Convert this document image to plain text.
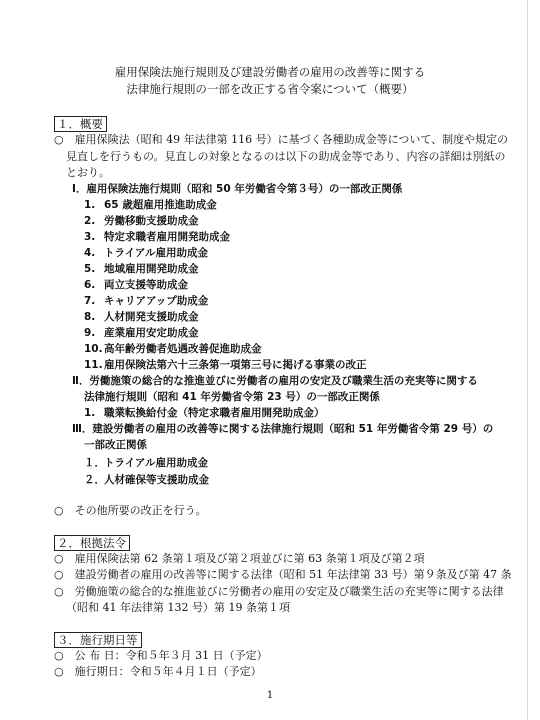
雇用保険法施行規則及び建設労働者の雇用の改善等に関する
法律施行規則の一部を改正する省令案について（概要）
１．概要
○　雇用保険法（昭和 49 年法律第 116 号）に基づく各種助成金等について、制度や規定の
見直しを行うもの。見直しの対象となるのは以下の助成金等であり、内容の詳細は別紙の
とおり。
Ⅰ．雇用保険法施行規則（昭和 50 年労働省令第３号）の一部改正関係
1. 65 歳超雇用推進助成金
2. 労働移動支援助成金
3. 特定求職者雇用開発助成金
4. トライアル雇用助成金
5. 地域雇用開発助成金
6. 両立支援等助成金
7. キャリアアップ助成金
8. 人材開発支援助成金
9. 産業雇用安定助成金
10.高年齢労働者処遇改善促進助成金
11.雇用保険法第六十三条第一項第三号に掲げる事業の改正
Ⅱ．労働施策の総合的な推進並びに労働者の雇用の安定及び職業生活の充実等に関する
法律施行規則（昭和 41 年労働省令第 23 号）の一部改正関係
1. 職業転換給付金（特定求職者雇用開発助成金）
Ⅲ．建設労働者の雇用の改善等に関する法律施行規則（昭和 51 年労働省令第 29 号）の
一部改正関係
１．トライアル雇用助成金
２．人材確保等支援助成金
○　その他所要の改正を行う。
２．根拠法令
○　雇用保険法第 62 条第１項及び第２項並びに第 63 条第１項及び第２項
○　建設労働者の雇用の改善等に関する法律（昭和 51 年法律第 33 号）第９条及び第 47 条
○　労働施策の総合的な推進並びに労働者の雇用の安定及び職業生活の充実等に関する法律
（昭和 41 年法律第 132 号）第 19 条第１項
３．施行期日等
○　公 布 日：令和５年３月 31 日（予定）
○　施行期日：令和５年４月１日（予定）
1
